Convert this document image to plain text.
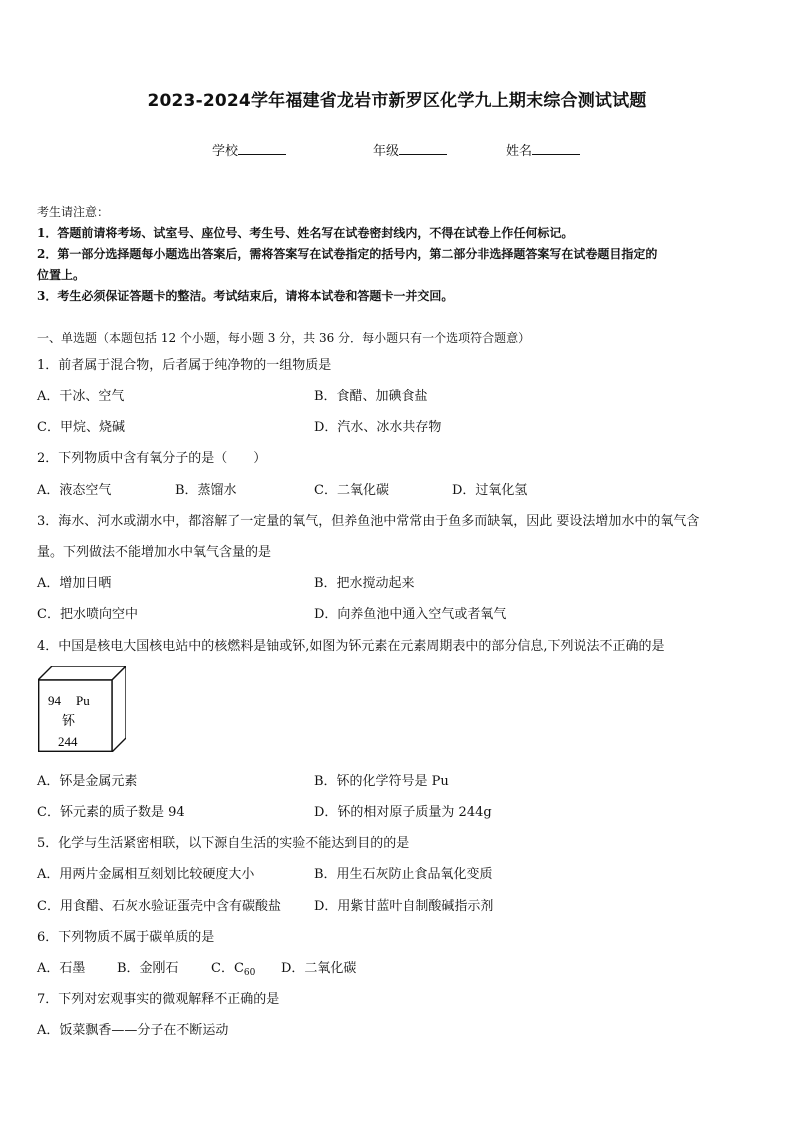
2023-2024学年福建省龙岩市新罗区化学九上期末综合测试试题
学校	年级	姓名
考生请注意：
1．答题前请将考场、试室号、座位号、考生号、姓名写在试卷密封线内，不得在试卷上作任何标记。
2．第一部分选择题每小题选出答案后，需将答案写在试卷指定的括号内，第二部分非选择题答案写在试卷题目指定的
位置上。
3．考生必须保证答题卡的整洁。考试结束后，请将本试卷和答题卡一并交回。
一、单选题（本题包括 12 个小题，每小题 3 分，共 36 分．每小题只有一个选项符合题意）
1．前者属于混合物，后者属于纯净物的一组物质是
A．干冰、空气	B．食醋、加碘食盐
C．甲烷、烧碱	D．汽水、冰水共存物
2．下列物质中含有氧分子的是（　　）
A．液态空气	B．蒸馏水	C．二氧化碳	D．过氧化氢
3．海水、河水或湖水中，都溶解了一定量的氧气，但养鱼池中常常由于鱼多而缺氧，因此 要设法增加水中的氧气含
量。下列做法不能增加水中氧气含量的是
A．增加日晒	B．把水搅动起来
C．把水喷向空中	D．向养鱼池中通入空气或者氧气
4．中国是核电大国核电站中的核燃料是铀或钚,如图为钚元素在元素周期表中的部分信息,下列说法不正确的是
94 Pu
钚
244
A．钚是金属元素	B．钚的化学符号是 Pu
C．钚元素的质子数是 94	D．钚的相对原子质量为 244g
5．化学与生活紧密相联，以下源自生活的实验不能达到目的的是
A．用两片金属相互刻划比较硬度大小	B．用生石灰防止食品氧化变质
C．用食醋、石灰水验证蛋壳中含有碳酸盐	D．用紫甘蓝叶自制酸碱指示剂
6．下列物质不属于碳单质的是
A．石墨 B．金刚石 C．$C_{60}$ D．二氧化碳
7．下列对宏观事实的微观解释不正确的是
A．饭菜飘香——分子在不断运动
